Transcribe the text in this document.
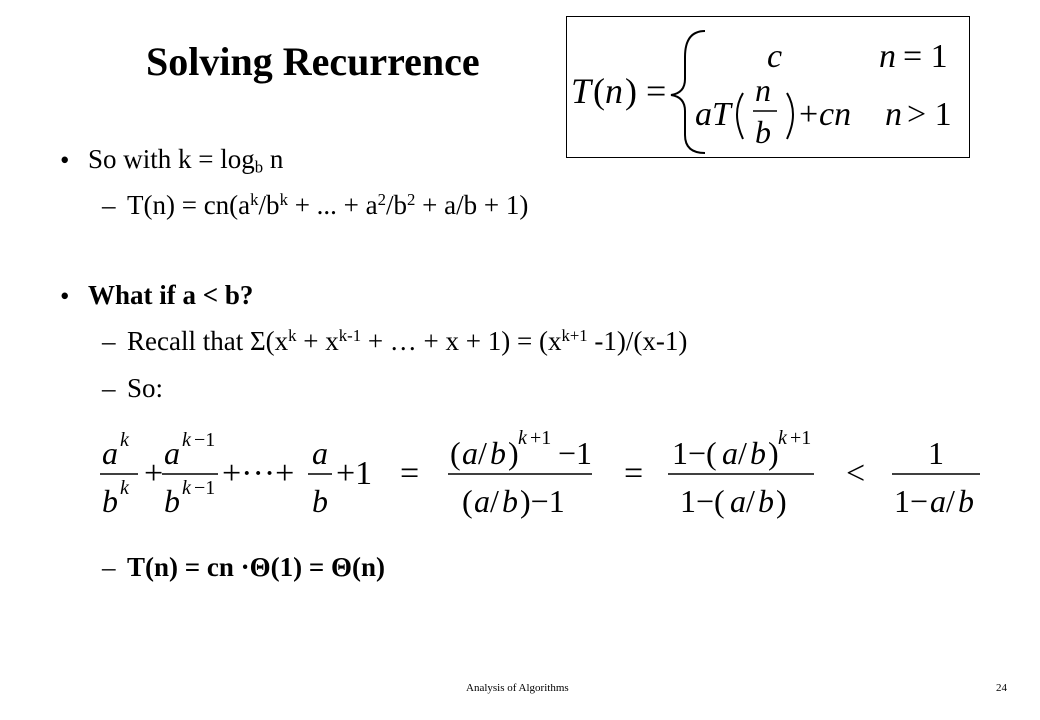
Solving Recurrence
T ( n ) =
c	n = 1
aT
n
b + cn n > 1
• So with $k = \log_b n$
– $T(n) = cn(a^k/b^k$ + ... + $a^2/b^2 + a/b + 1$)
• What if a < b?
– Recall that $\Sigma(x^k + x^{k-1}$ + … + $x + 1) = (x^{k+1}$ -1)/(x-1)
– So:
a k
b k +
a k −1
b k −1 +···+
a
b
+1 =
( a / b ) k +1 −1
( a / b )−1
=
1−( a / b ) k +1
1−( a / b )
<
1
1− a / b
– T(n) = cn ·Θ(1) = Θ(n)
Analysis of Algorithms	24
